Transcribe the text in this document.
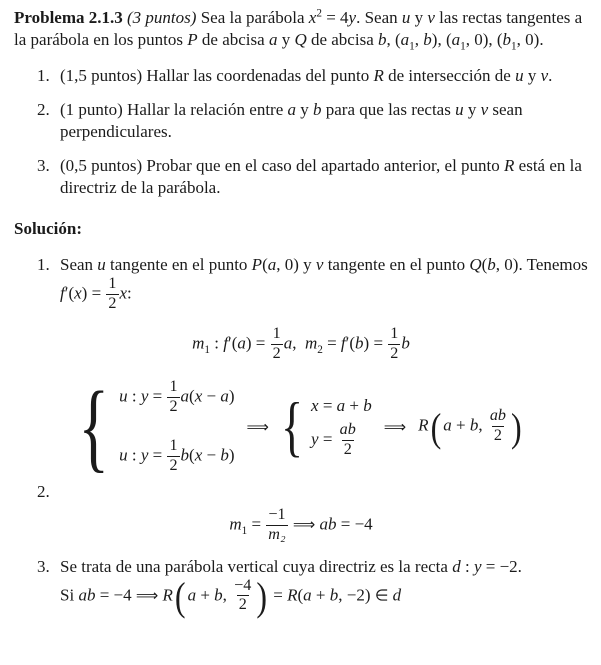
Problema 2.1.3 (3 puntos) Sea la parábola $x^2 = 4y$. Sean u y v las rectas tangentes a la parábola en los puntos P de abcisa a y Q de abcisa b, ($a_1$, b), ($a_1$, 0), ($b_1$, 0).

1. (1,5 puntos) Hallar las coordenadas del punto R de intersección de u y v.
2. (1 punto) Hallar la relación entre a y b para que las rectas u y v sean perpendiculares.
3. (0,5 puntos) Probar que en el caso del apartado anterior, el punto R está en la directriz de la parábola.

Solución:

1. Sean u tangente en el punto P(a, 0) y v tangente en el punto Q(b, 0). Tenemos $f'(x) = \frac{1}{2} x$:
$m_1$ : $f'(a) = \frac{1}{2} a$,  $m_2 = f'(b) = \frac{1}{2}$ b
{ u : $y = \frac{1}{2} a(x - a)$
u : $y = \frac{1}{2} b(x - b)$
⟹ { x = a + b
$y = \frac{ab}{2}$ ⟹ R( a + b, $\frac{ab}{2}$ )
2.
$m_1 = \frac{-1}{\text{m₂}}$ ⟹ ab = −4
3. Se trata de una parábola vertical cuya directriz es la recta d : y = −2.
Si ab = −4 ⟹ R( a + b, $\frac{-4}{2}$ ) = R(a + b, −2) ∈ d
